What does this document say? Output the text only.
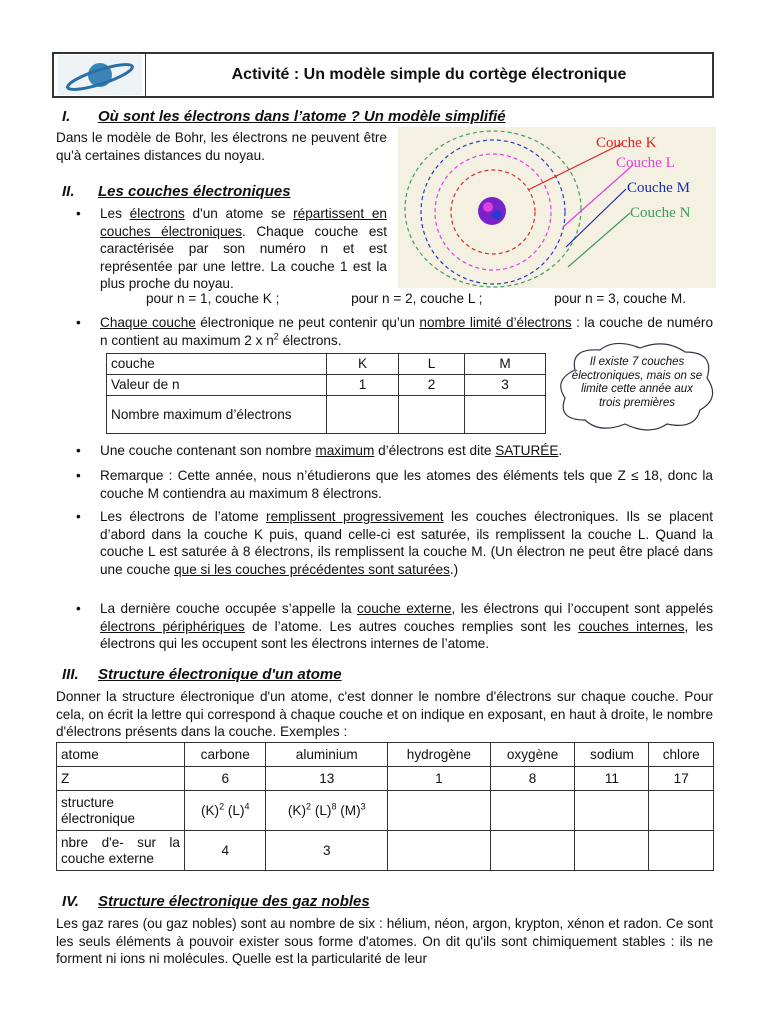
Activité : Un modèle simple du cortège électronique
I.	Où sont les électrons dans l’atome ? Un modèle simplifié
Dans le modèle de Bohr, les électrons ne peuvent être qu'à certaines distances du noyau.
Couche K
Couche L
Couche M
Couche N
II.	Les couches électroniques
• Les électrons d'un atome se répartissent en couches électroniques. Chaque couche est caractérisée par son numéro n et est représentée par une lettre. La couche 1 est la plus proche du noyau.
pour n = 1, couche K ;	pour n = 2, couche L ;	pour n = 3, couche M.
• Chaque couche électronique ne peut contenir qu’un nombre limité d’électrons : la couche de numéro n contient au maximum 2 x $n^2$ électrons.
couche	K	L	M
Valeur de n	1	2	3
Nombre maximum d’électrons			
Il existe 7 couches électroniques, mais on se limite cette année aux trois premières
• Une couche contenant son nombre maximum d’électrons est dite SATURÉE.
• Remarque : Cette année, nous n’étudierons que les atomes des éléments tels que Z ≤ 18, donc la couche M contiendra au maximum 8 électrons.
• Les électrons de l’atome remplissent progressivement les couches électroniques. Ils se placent d’abord dans la couche K puis, quand celle-ci est saturée, ils remplissent la couche L. Quand la couche L est saturée à 8 électrons, ils remplissent la couche M. (Un électron ne peut être placé dans une couche que si les couches précédentes sont saturées.)
• La dernière couche occupée s’appelle la couche externe, les électrons qui l’occupent sont appelés électrons périphériques de l’atome. Les autres couches remplies sont les couches internes, les électrons qui les occupent sont les électrons internes de l’atome.
III.	Structure électronique d'un atome
Donner la structure électronique d'un atome, c'est donner le nombre d'électrons sur chaque couche. Pour cela, on écrit la lettre qui correspond à chaque couche et on indique en exposant, en haut à droite, le nombre d'électrons présents dans la couche. Exemples :
atome	carbone	aluminium	hydrogène	oxygène	sodium	chlore
Z	6	13	1	8	11	17
structure électronique	$(K)^2$ $(L)^4$	$(K)^2$ $(L)^8$ $(M)^3$				
nbre d'e- sur la couche externe	4	3				
IV.	Structure électronique des gaz nobles
Les gaz rares (ou gaz nobles) sont au nombre de six : hélium, néon, argon, krypton, xénon et radon. Ce sont les seuls éléments à pouvoir exister sous forme d'atomes. On dit qu'ils sont chimiquement stables : ils ne forment ni ions ni molécules. Quelle est la particularité de leur
